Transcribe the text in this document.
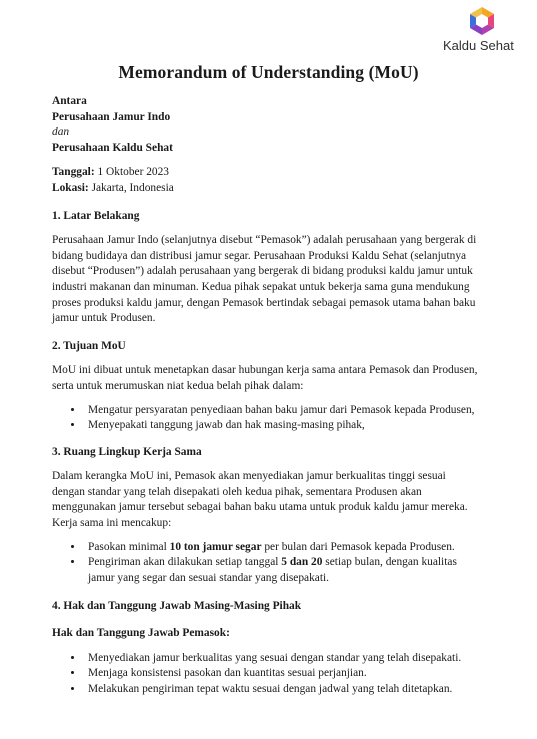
Kaldu Sehat
Memorandum of Understanding (MoU)

Antara

Perusahaan Jamur Indo

dan

Perusahaan Kaldu Sehat

Tanggal: 1 Oktober 2023

Lokasi: Jakarta, Indonesia

1. Latar Belakang

Perusahaan Jamur Indo (selanjutnya disebut “Pemasok”) adalah perusahaan yang bergerak di

bidang budidaya dan distribusi jamur segar. Perusahaan Produksi Kaldu Sehat (selanjutnya

disebut “Produsen”) adalah perusahaan yang bergerak di bidang produksi kaldu jamur untuk

industri makanan dan minuman. Kedua pihak sepakat untuk bekerja sama guna mendukung

proses produksi kaldu jamur, dengan Pemasok bertindak sebagai pemasok utama bahan baku

jamur untuk Produsen.

2. Tujuan MoU

MoU ini dibuat untuk menetapkan dasar hubungan kerja sama antara Pemasok dan Produsen,

serta untuk merumuskan niat kedua belah pihak dalam:

• Mengatur persyaratan penyediaan bahan baku jamur dari Pemasok kepada Produsen,
• Menyepakati tanggung jawab dan hak masing-masing pihak,

3. Ruang Lingkup Kerja Sama

Dalam kerangka MoU ini, Pemasok akan menyediakan jamur berkualitas tinggi sesuai

dengan standar yang telah disepakati oleh kedua pihak, sementara Produsen akan

menggunakan jamur tersebut sebagai bahan baku utama untuk produk kaldu jamur mereka.

Kerja sama ini mencakup:

• Pasokan minimal 10 ton jamur segar per bulan dari Pemasok kepada Produsen.
• Pengiriman akan dilakukan setiap tanggal 5 dan 20 setiap bulan, dengan kualitas
jamur yang segar dan sesuai standar yang disepakati.

4. Hak dan Tanggung Jawab Masing-Masing Pihak

Hak dan Tanggung Jawab Pemasok:

• Menyediakan jamur berkualitas yang sesuai dengan standar yang telah disepakati.
• Menjaga konsistensi pasokan dan kuantitas sesuai perjanjian.
• Melakukan pengiriman tepat waktu sesuai dengan jadwal yang telah ditetapkan.
